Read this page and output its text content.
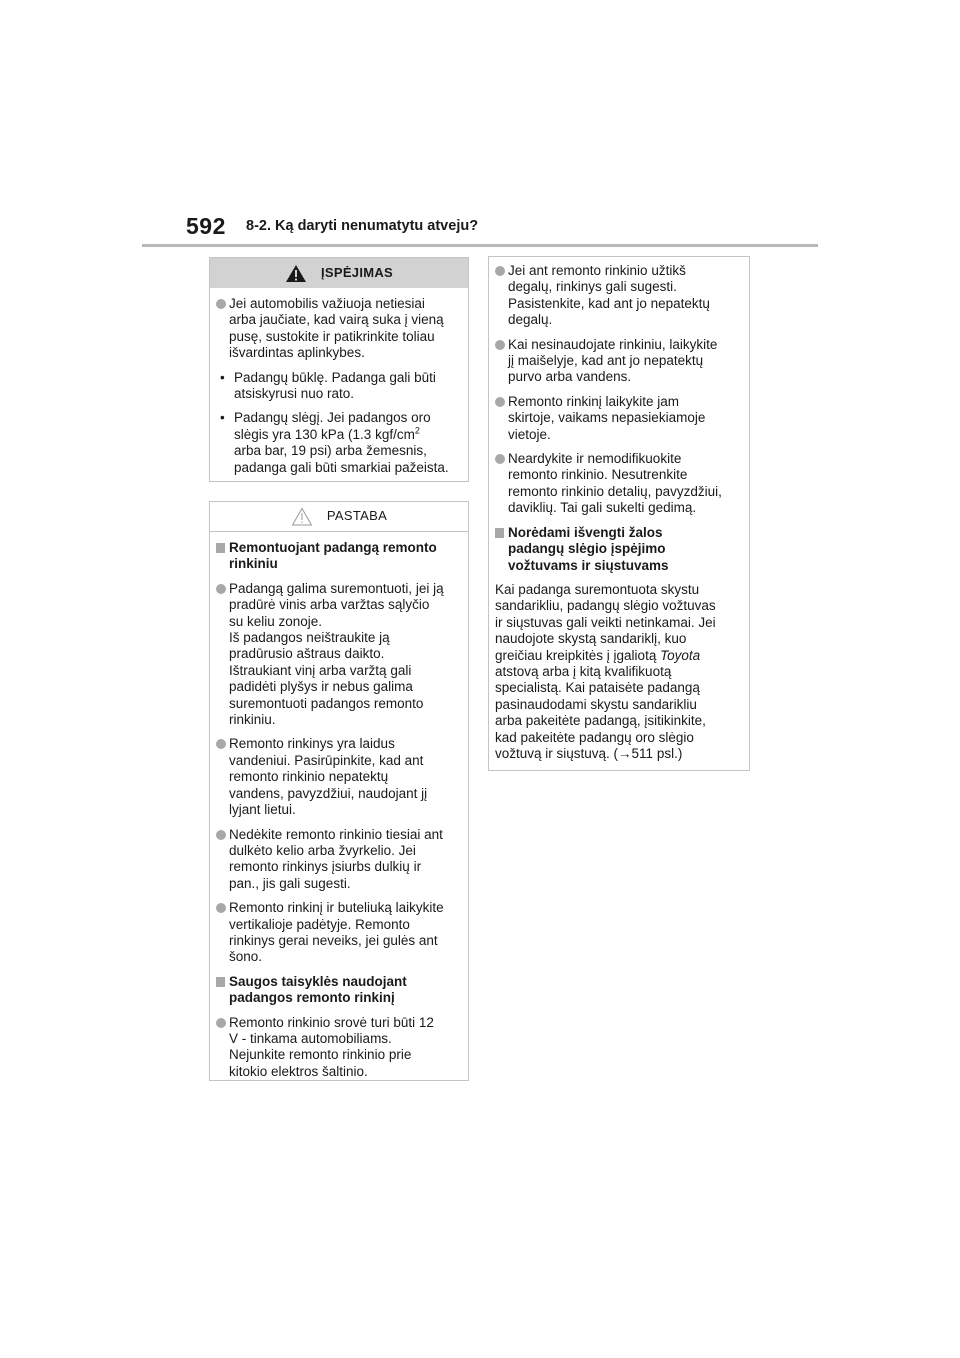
592 8-2. Ką daryti nenumatytu atveju?
ĮSPĖJIMAS
Jei automobilis važiuoja netiesiai
arba jaučiate, kad vairą suka į vieną
pusę, sustokite ir patikrinkite toliau
išvardintas aplinkybes.
• Padangų būklę. Padanga gali būti
atsiskyrusi nuo rato.
• Padangų slėgį. Jei padangos oro
slėgis yra 130 kPa (1.3 kgf/$cm^2$
arba bar, 19 psi) arba žemesnis,
padanga gali būti smarkiai pažeista.
PASTABA
Remontuojant padangą remonto
rinkiniu
Padangą galima suremontuoti, jei ją
pradūrė vinis arba varžtas sąlyčio
su keliu zonoje.
Iš padangos neištraukite ją
pradūrusio aštraus daikto.
Ištraukiant vinį arba varžtą gali
padidėti plyšys ir nebus galima
suremontuoti padangos remonto
rinkiniu.
Remonto rinkinys yra laidus
vandeniui. Pasirūpinkite, kad ant
remonto rinkinio nepatektų
vandens, pavyzdžiui, naudojant jį
lyjant lietui.
Nedėkite remonto rinkinio tiesiai ant
dulkėto kelio arba žvyrkelio. Jei
remonto rinkinys įsiurbs dulkių ir
pan., jis gali sugesti.
Remonto rinkinį ir buteliuką laikykite
vertikalioje padėtyje. Remonto
rinkinys gerai neveiks, jei gulės ant
šono.
Saugos taisyklės naudojant
padangos remonto rinkinį
Remonto rinkinio srovė turi būti 12
V - tinkama automobiliams.
Nejunkite remonto rinkinio prie
kitokio elektros šaltinio.
Jei ant remonto rinkinio užtikš
degalų, rinkinys gali sugesti.
Pasistenkite, kad ant jo nepatektų
degalų.
Kai nesinaudojate rinkiniu, laikykite
jį maišelyje, kad ant jo nepatektų
purvo arba vandens.
Remonto rinkinį laikykite jam
skirtoje, vaikams nepasiekiamoje
vietoje.
Neardykite ir nemodifikuokite
remonto rinkinio. Nesutrenkite
remonto rinkinio detalių, pavyzdžiui,
daviklių. Tai gali sukelti gedimą.
Norėdami išvengti žalos
padangų slėgio įspėjimo
vožtuvams ir siųstuvams
Kai padanga suremontuota skystu
sandarikliu, padangų slėgio vožtuvas
ir siųstuvas gali veikti netinkamai. Jei
naudojote skystą sandariklį, kuo
greičiau kreipkitės į įgaliotą Toyota
atstovą arba į kitą kvalifikuotą
specialistą. Kai pataisėte padangą
pasinaudodami skystu sandarikliu
arba pakeitėte padangą, įsitikinkite,
kad pakeitėte padangų oro slėgio
vožtuvą ir siųstuvą. (→511 psl.)
